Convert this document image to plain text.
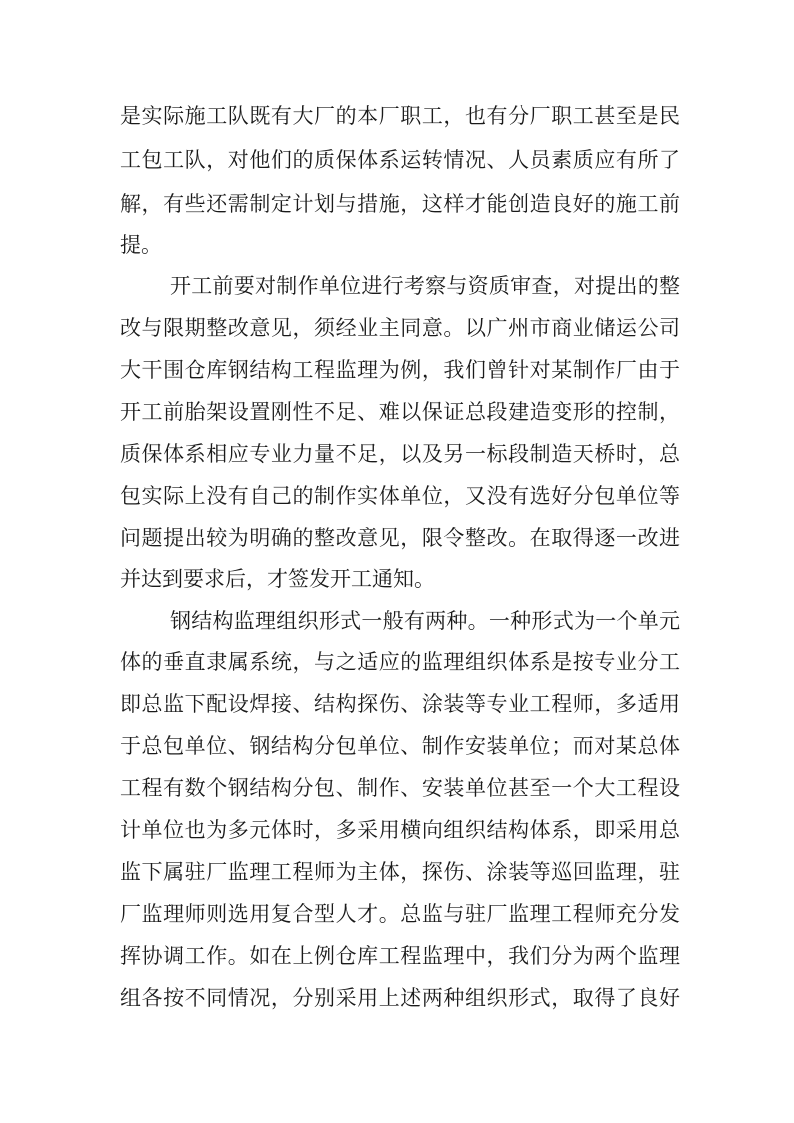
是实际施工队既有大厂的本厂职工，也有分厂职工甚至是民
工包工队，对他们的质保体系运转情况、人员素质应有所了
解，有些还需制定计划与措施，这样才能创造良好的施工前
提。
开工前要对制作单位进行考察与资质审查，对提出的整
改与限期整改意见，须经业主同意。以广州市商业储运公司
大干围仓库钢结构工程监理为例，我们曾针对某制作厂由于
开工前胎架设置刚性不足、难以保证总段建造变形的控制，
质保体系相应专业力量不足，以及另一标段制造天桥时，总
包实际上没有自己的制作实体单位，又没有选好分包单位等
问题提出较为明确的整改意见，限令整改。在取得逐一改进
并达到要求后，才签发开工通知。
钢结构监理组织形式一般有两种。一种形式为一个单元
体的垂直隶属系统，与之适应的监理组织体系是按专业分工
即总监下配设焊接、结构探伤、涂装等专业工程师，多适用
于总包单位、钢结构分包单位、制作安装单位；而对某总体
工程有数个钢结构分包、制作、安装单位甚至一个大工程设
计单位也为多元体时，多采用横向组织结构体系，即采用总
监下属驻厂监理工程师为主体，探伤、涂装等巡回监理，驻
厂监理师则选用复合型人才。总监与驻厂监理工程师充分发
挥协调工作。如在上例仓库工程监理中，我们分为两个监理
组各按不同情况，分别采用上述两种组织形式，取得了良好
